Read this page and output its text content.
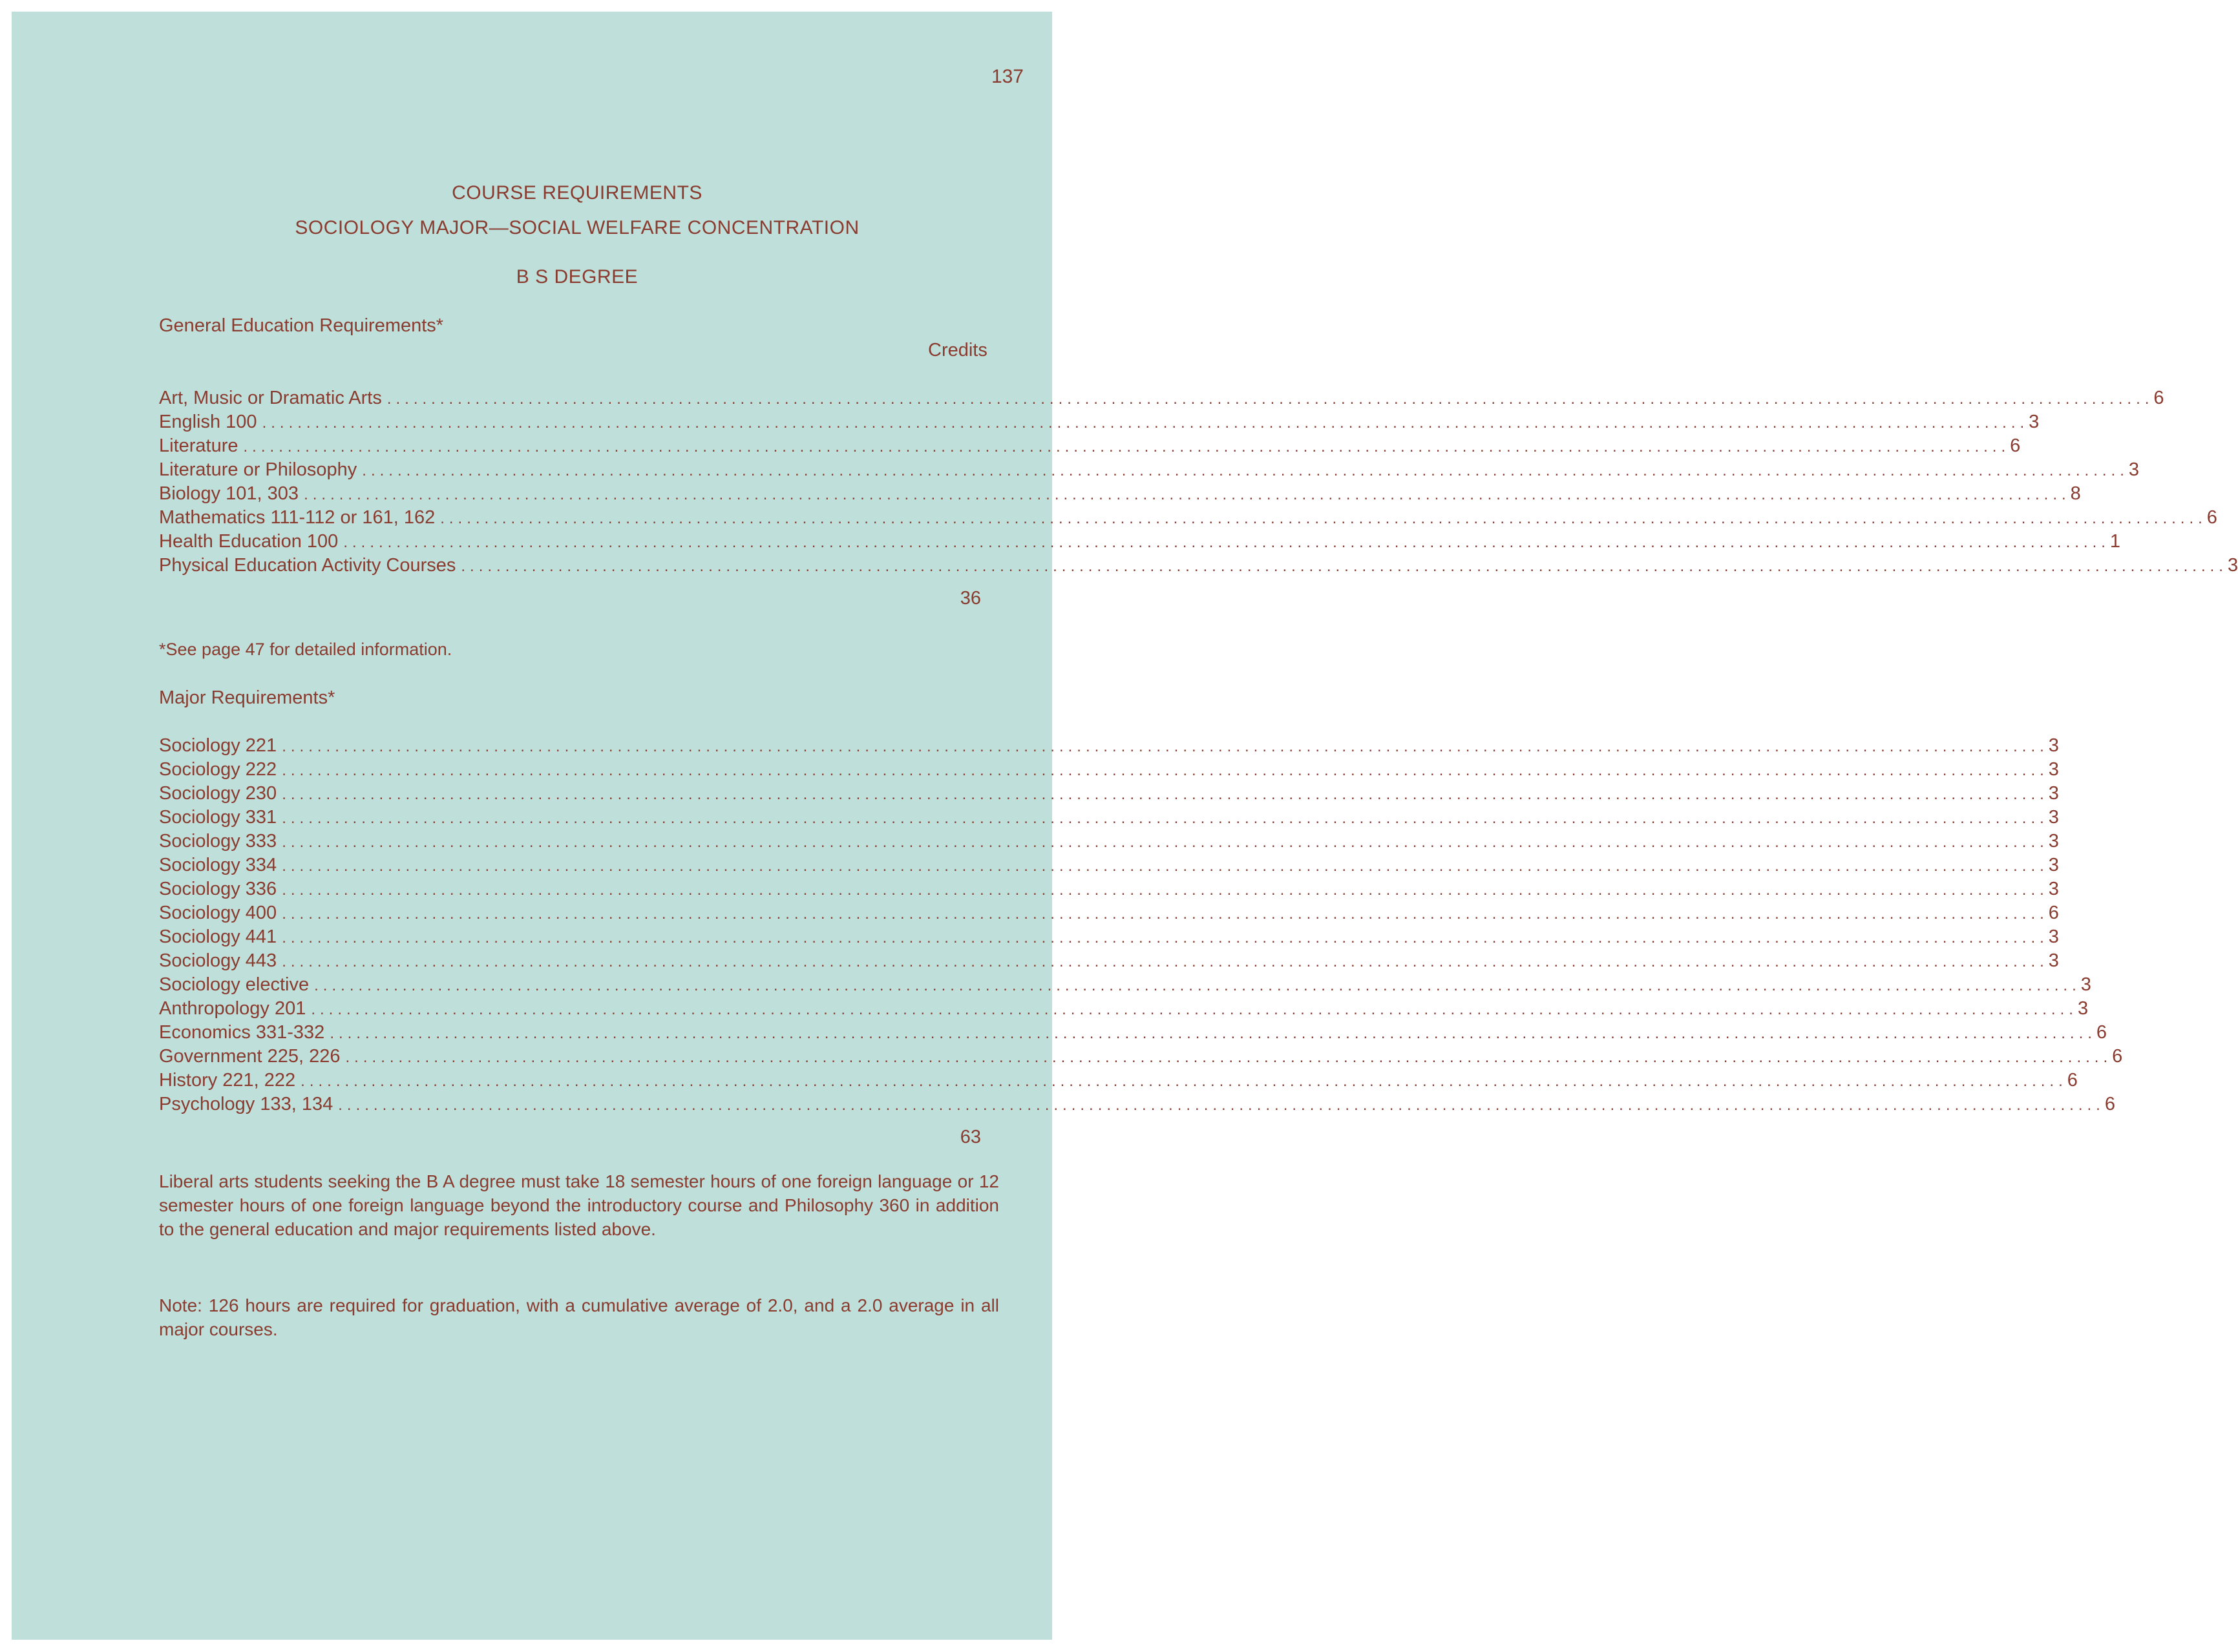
137
COURSE REQUIREMENTS
SOCIOLOGY MAJOR—SOCIAL WELFARE CONCENTRATION
B S DEGREE
General Education Requirements*
Credits
Art, Music or Dramatic Arts ........................................................................................................................................................................................................ 6
English 100 ........................................................................................................................................................................................................ 3
Literature ........................................................................................................................................................................................................ 6
Literature or Philosophy ........................................................................................................................................................................................................ 3
Biology 101, 303 ........................................................................................................................................................................................................ 8
Mathematics 111-112 or 161, 162 ........................................................................................................................................................................................................ 6
Health Education 100 ........................................................................................................................................................................................................ 1
Physical Education Activity Courses ........................................................................................................................................................................................................ 3
36
*See page 47 for detailed information.
Major Requirements*
Sociology 221 ........................................................................................................................................................................................................ 3
Sociology 222 ........................................................................................................................................................................................................ 3
Sociology 230 ........................................................................................................................................................................................................ 3
Sociology 331 ........................................................................................................................................................................................................ 3
Sociology 333 ........................................................................................................................................................................................................ 3
Sociology 334 ........................................................................................................................................................................................................ 3
Sociology 336 ........................................................................................................................................................................................................ 3
Sociology 400 ........................................................................................................................................................................................................ 6
Sociology 441 ........................................................................................................................................................................................................ 3
Sociology 443 ........................................................................................................................................................................................................ 3
Sociology elective ........................................................................................................................................................................................................ 3
Anthropology 201 ........................................................................................................................................................................................................ 3
Economics 331-332 ........................................................................................................................................................................................................ 6
Government 225, 226 ........................................................................................................................................................................................................ 6
History 221, 222 ........................................................................................................................................................................................................ 6
Psychology 133, 134 ........................................................................................................................................................................................................ 6
63
Liberal arts students seeking the B A degree must take 18 semester hours of one foreign language or 12 semester hours of one foreign language beyond the introductory course and Philosophy 360 in addition to the general education and major requirements listed above.
Note: 126 hours are required for graduation, with a cumulative average of 2.0, and a 2.0 average in all major courses.
